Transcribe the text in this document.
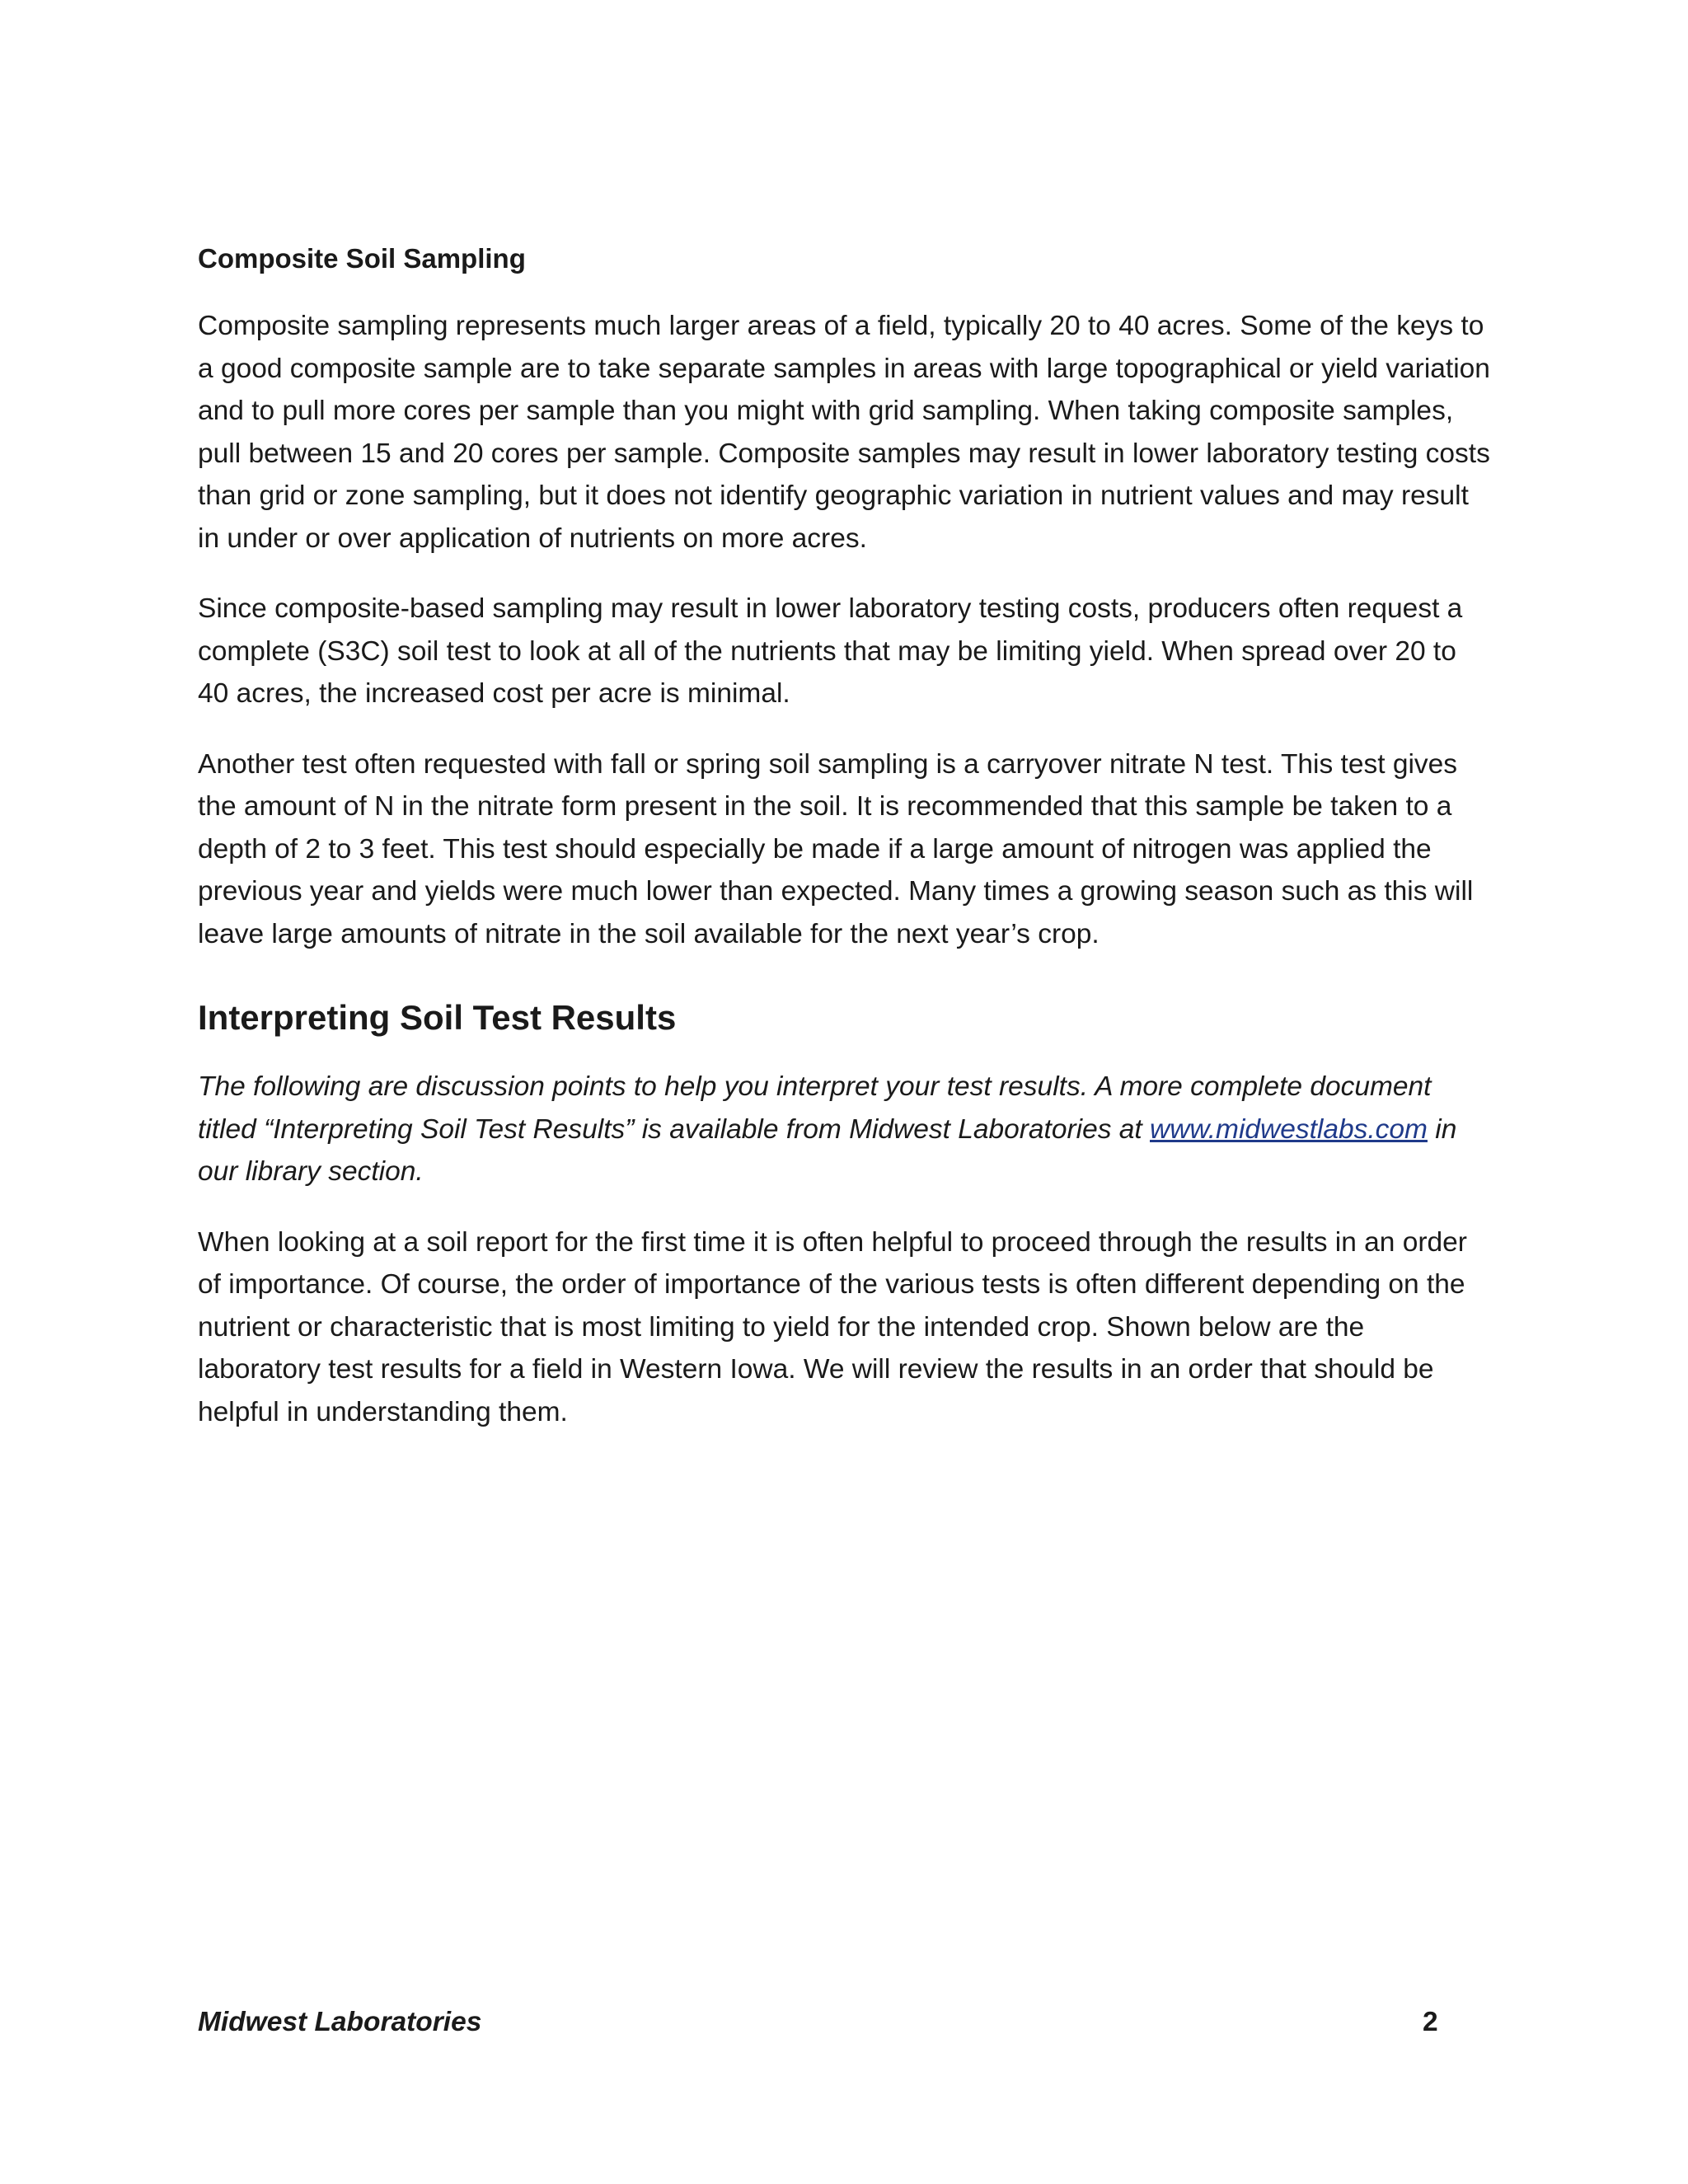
Composite Soil Sampling

Composite sampling represents much larger areas of a field, typically 20 to 40 acres. Some of the keys to a good composite sample are to take separate samples in areas with large topographical or yield variation and to pull more cores per sample than you might with grid sampling. When taking composite samples, pull between 15 and 20 cores per sample. Composite samples may result in lower laboratory testing costs than grid or zone sampling, but it does not identify geographic variation in nutrient values and may result in under or over application of nutrients on more acres.

Since composite-based sampling may result in lower laboratory testing costs, producers often request a complete (S3C) soil test to look at all of the nutrients that may be limiting yield. When spread over 20 to 40 acres, the increased cost per acre is minimal.

Another test often requested with fall or spring soil sampling is a carryover nitrate N test. This test gives the amount of N in the nitrate form present in the soil. It is recommended that this sample be taken to a depth of 2 to 3 feet. This test should especially be made if a large amount of nitrogen was applied the previous year and yields were much lower than expected. Many times a growing season such as this will leave large amounts of nitrate in the soil available for the next year’s crop.

Interpreting Soil Test Results

The following are discussion points to help you interpret your test results. A more complete document titled “Interpreting Soil Test Results” is available from Midwest Laboratories at www.midwestlabs.com in our library section.

When looking at a soil report for the first time it is often helpful to proceed through the results in an order of importance. Of course, the order of importance of the various tests is often different depending on the nutrient or characteristic that is most limiting to yield for the intended crop. Shown below are the laboratory test results for a field in Western Iowa. We will review the results in an order that should be helpful in understanding them.

Midwest Laboratories	2
